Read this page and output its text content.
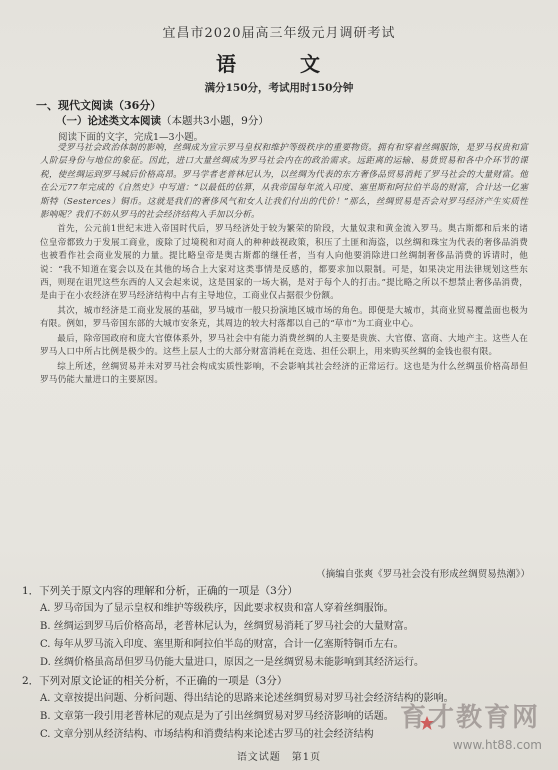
宜昌市2020届高三年级元月调研考试
语　文
满分150分，考试用时150分钟
一、现代文阅读（36分）
（一）论述类文本阅读（本题共3小题，9分）
阅读下面的文字，完成1—3小题。

受罗马社会政治体制的影响，丝绸成为宣示罗马皇权和维护等级秩序的重要物资。拥有和穿着丝绸服饰，是罗马权贵和富人阶层身份与地位的象征。因此，进口大量丝绸成为罗马社会内在的政治需求。远距离的运输、易货贸易和各中介环节的课税，使丝绸运到罗马城后价格高昂。罗马学者老普林尼认为，以丝绸为代表的东方奢侈品贸易消耗了罗马社会的大量财富。他在公元77年完成的《自然史》中写道：“以最低的估算，从我帝国每年流入印度、塞里斯和阿拉伯半岛的财富，合计达一亿塞斯特（Sesterces）铜币。这就是我们的奢侈风气和女人让我们付出的代价！”那么，丝绸贸易是否会对罗马经济产生实质性影响呢？我们不妨从罗马的社会经济结构入手加以分析。

首先，公元前1世纪末进入帝国时代后，罗马经济处于较为繁荣的阶段，大量奴隶和黄金流入罗马。奥古斯都和后来的诸位皇帝都致力于发展工商业，废除了过境税和对商人的种种歧视政策，积压了土匪和海盗，以丝绸和珠宝为代表的奢侈品消费也被看作社会商业发展的力量。提比略皇帝是奥古斯都的继任者，当有人向他要消除进口丝绸制奢侈品消费的诉请时，他说：“我不知道在宴会以及在其他的场合上大家对这类事情是反感的，都要求加以限制。可是，如果决定用法律规划这些东西，则现在诅咒这些东西的人又会起来说，这是国家的一场大祸，是对于每个人的打击。”提比略之所以不想禁止奢侈品消费，是由于在小农经济在罗马经济结构中占有主导地位，工商业仅占据很少份额。

其次，城市经济是工商业发展的基础，罗马城市一般只扮演地区城市场的角色。即便是大城市，其商业贸易覆盖面也极为有限。例如，罗马帝国东部的大城市安条克，其周边的较大村落都以自己的“草市”为工商业中心。

最后，除帝国政府和庞大官僚体系外，罗马社会中有能力消费丝绸的人主要是贵族、大官僚、富商、大地产主。这些人在罗马人口中所占比例是极少的。这些上层人士的大部分财富消耗在竞选、担任公职上，用来购买丝绸的金钱也很有限。

综上所述，丝绸贸易并未对罗马社会构成实质性影响，不会影响其社会经济的正常运行。这也是为什么丝绸虽价格高昂但罗马仍能大量进口的主要原因。

（摘编自张爽《罗马社会没有形成丝绸贸易热潮》）

1．下列关于原文内容的理解和分析，正确的一项是（3分）

A. 罗马帝国为了显示皇权和维护等级秩序，因此要求权贵和富人穿着丝绸服饰。

B. 丝绸运到罗马后价格高昂，老普林尼认为，丝绸贸易消耗了罗马社会的大量财富。

C. 每年从罗马流入印度、塞里斯和阿拉伯半岛的财富，合计一亿塞斯特铜币左右。

D. 丝绸价格虽高昂但罗马仍能大量进口，原因之一是丝绸贸易未能影响到其经济运行。

2．下列对原文论证的相关分析，不正确的一项是（3分）

A. 文章按提出问题、分析问题、得出结论的思路来论述丝绸贸易对罗马社会经济结构的影响。

B. 文章第一段引用老普林尼的观点是为了引出丝绸贸易对罗马经济影响的话题。

C. 文章分别从经济结构、市场结构和消费结构来论述古罗马的社会经济结构

语文试题　第1页
育才教育网
www.ht88.com
